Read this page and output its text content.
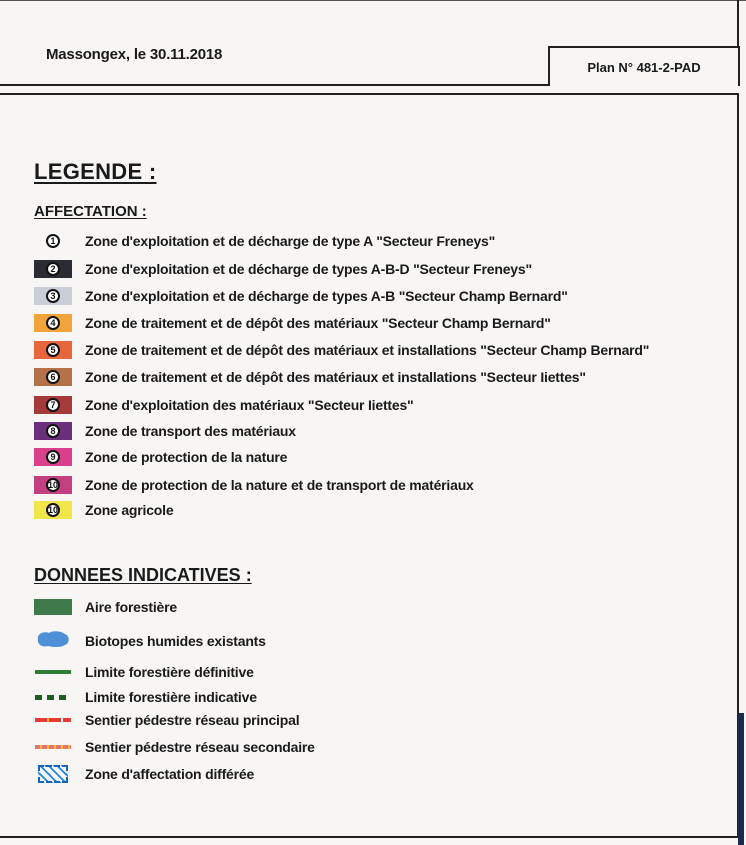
Massongex, le 30.11.2018
Plan N° 481-2-PAD
LEGENDE :
AFFECTATION :
1	Zone d'exploitation et de décharge de type A "Secteur Freneys"
2	Zone d'exploitation et de décharge de types A-B-D "Secteur Freneys"
3	Zone d'exploitation et de décharge de types A-B "Secteur Champ Bernard"
4	Zone de traitement et de dépôt des matériaux "Secteur Champ Bernard"
5	Zone de traitement et de dépôt des matériaux et installations "Secteur Champ Bernard"
6	Zone de traitement et de dépôt des matériaux et installations "Secteur Iiettes"
7	Zone d'exploitation des matériaux "Secteur Iiettes"
8	Zone de transport des matériaux
9	Zone de protection de la nature
10 Zone de protection de la nature et de transport de matériaux
10 Zone agricole
DONNEES INDICATIVES :
Aire forestière
Biotopes humides existants
Limite forestière définitive
Limite forestière indicative
Sentier pédestre réseau principal
Sentier pédestre réseau secondaire
Zone d'affectation différée
